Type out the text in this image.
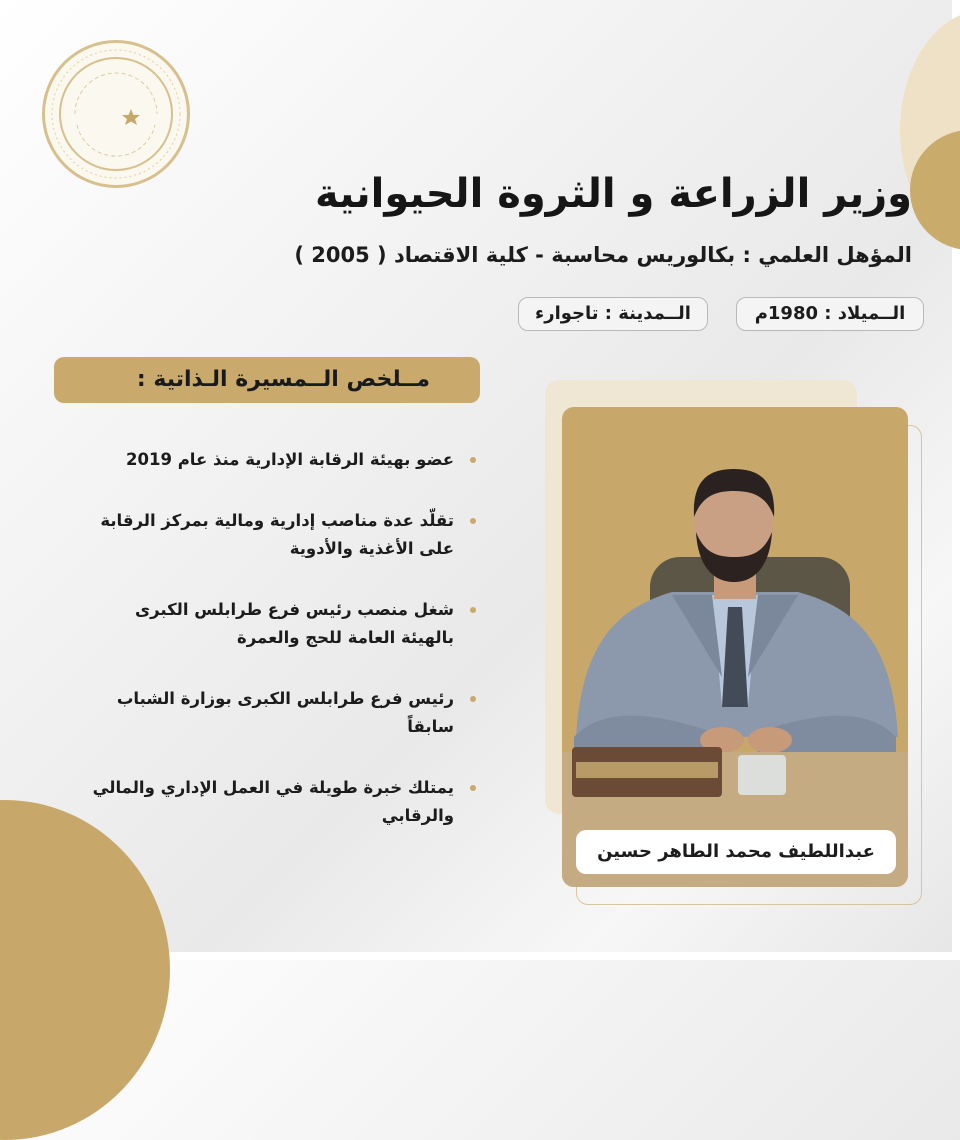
وزير الزراعة و الثروة الحيوانية
المؤهل العلمي : بكالوريس محاسبة - كلية الاقتصاد ( 2005 )
الــميلاد : 1980م
الــمدينة : تاجوارء
مــلخص الــمسيرة الـذاتية :
عضو بهيئة الرقابة الإدارية منذ عام 2019
تقلّد عدة مناصب إدارية ومالية بمركز الرقابة على الأغذية والأدوية
شغل منصب رئيس فرع طرابلس الكبرى بالهيئة العامة للحج والعمرة
رئيس فرع طرابلس الكبرى بوزارة الشباب سابقاً
يمتلك خبرة طويلة في العمل الإداري والمالي والرقابي
عبداللطيف محمد الطاهر حسين
